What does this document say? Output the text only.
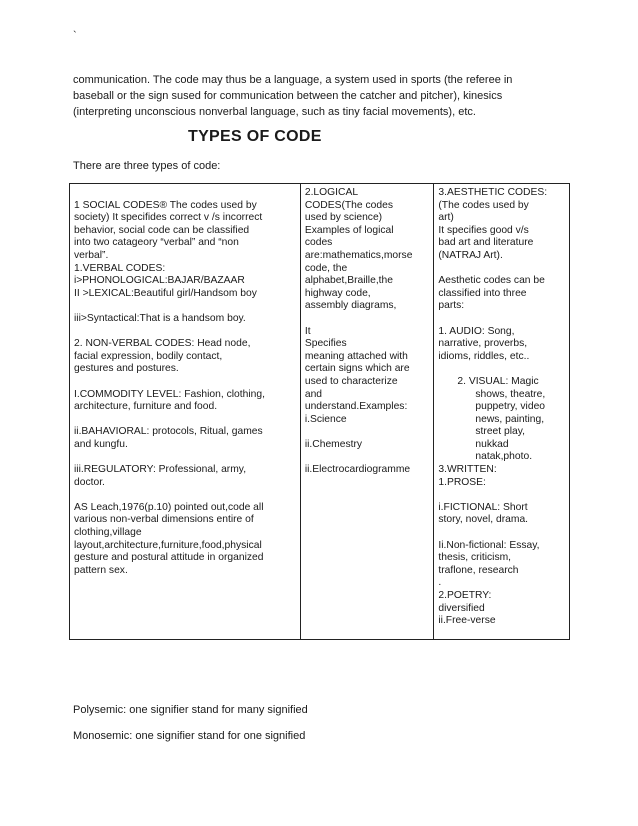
`
communication. The code may thus be a language, a system used in sports (the referee in
baseball or the sign sused for communication between the catcher and pitcher), kinesics
(interpreting unconscious nonverbal language, such as tiny facial movements), etc.
TYPES OF CODE
There are three types of code:
1 SOCIAL CODES® The codes used by
society) It specifides correct v /s incorrect
behavior, social code can be classified
into two catageory “verbal” and “non
verbal”.
1.VERBAL CODES:
i>PHONOLOGICAL:BAJAR/BAZAAR
II >LEXICAL:Beautiful girl/Handsom boy
iii>Syntactical:That is a handsom boy.
2. NON-VERBAL CODES: Head node,
facial expression, bodily contact,
gestures and postures.
I.COMMODITY LEVEL: Fashion, clothing,
architecture, furniture and food.
ii.BAHAVIORAL: protocols, Ritual, games
and kungfu.
iii.REGULATORY: Professional, army,
doctor.
AS Leach,1976(p.10) pointed out,code all
various non-verbal dimensions entire of
clothing,village
layout,architecture,furniture,food,physical
gesture and postural attitude in organized
pattern sex.

2.LOGICAL
CODES(The codes
used by science)
Examples of logical
codes
are:mathematics,morse
code, the
alphabet,Braille,the
highway code,
assembly diagrams,
It
Specifies
meaning attached with
certain signs which are
used to characterize
and
understand.Examples:
i.Science
ii.Chemestry
ii.Electrocardiogramme

3.AESTHETIC CODES:
(The codes used by
art)
It specifies good v/s
bad art and literature
(NATRAJ Art).
Aesthetic codes can be
classified into three
parts:
1. AUDIO: Song,
narrative, proverbs,
idioms, riddles, etc..
2. VISUAL: Magic
shows, theatre,
puppetry, video
news, painting,
street play,
nukkad
natak,photo.
3.WRITTEN:
1.PROSE:
i.FICTIONAL: Short
story, novel, drama.
Ii.Non-fictional: Essay,
thesis, criticism,
traflone, research
.
2.POETRY:
diversified
ii.Free-verse
Polysemic: one signifier stand for many signified
Monosemic: one signifier stand for one signified
